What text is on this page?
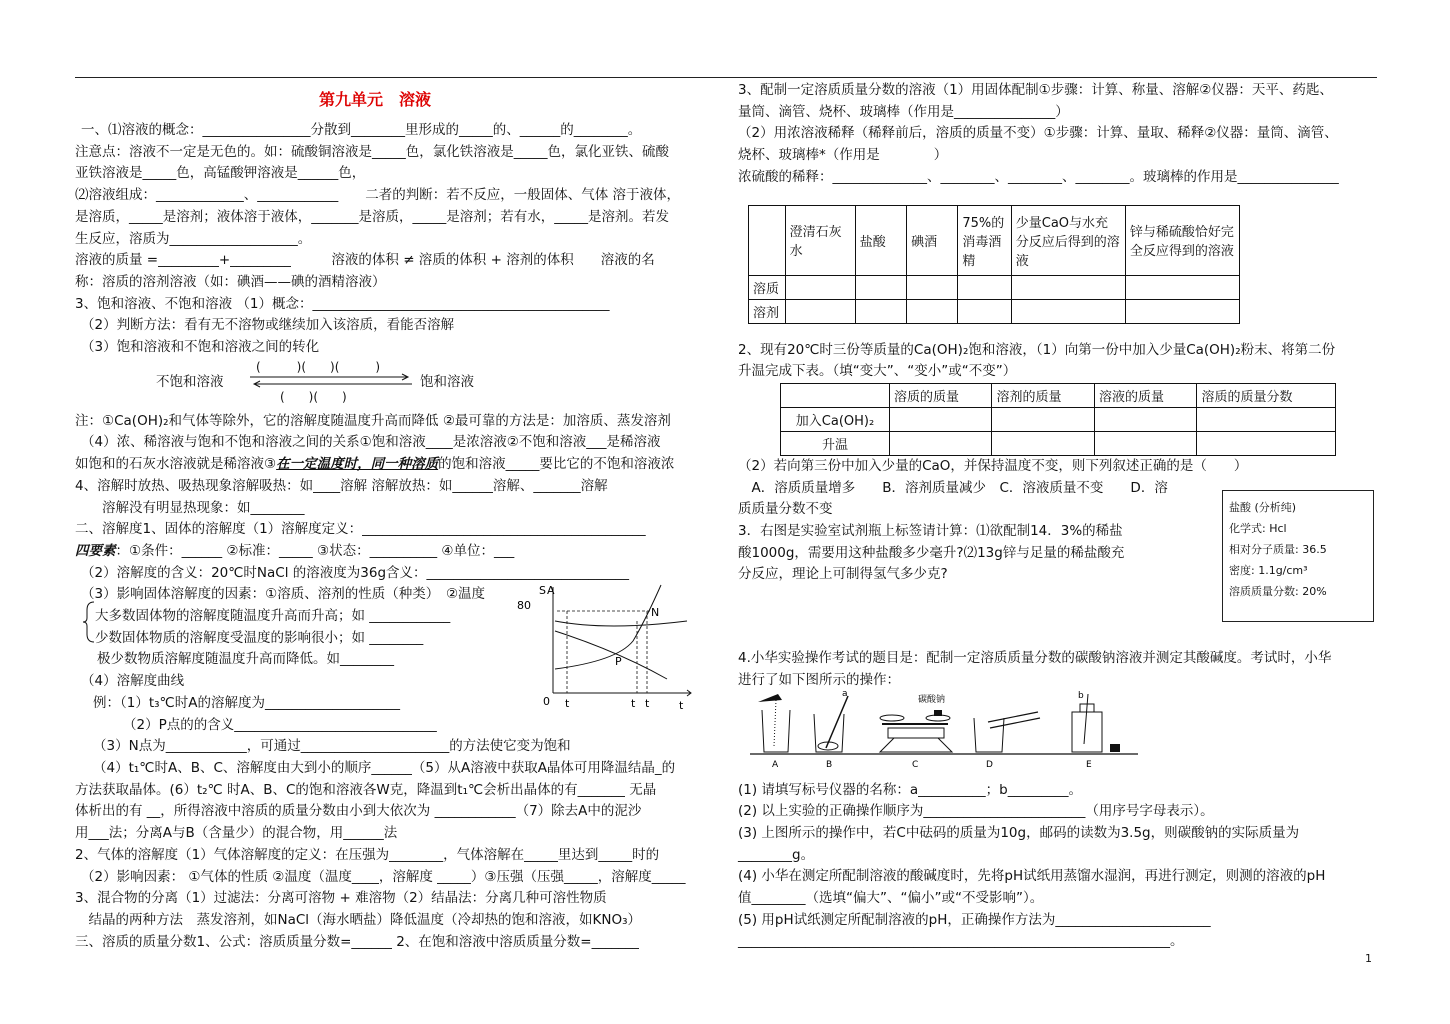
第九单元　溶液
一、⑴溶液的概念：________________分散到________里形成的_____的、______的________。
注意点：溶液不一定是无色的。如：硫酸铜溶液是_____色，氯化铁溶液是_____色，氯化亚铁、硫酸
亚铁溶液是_____色，高锰酸钾溶液是______色，
⑵溶液组成：_____________、____________　　二者的判断：若不反应，一般固体、气体 溶于液体，
是溶质，_____是溶剂；液体溶于液体，_______是溶质，_____是溶剂；若有水，_____是溶剂。若发
生反应，溶质为___________________。
溶液的质量 =_________+_________　　　溶液的体积 ≠ 溶质的体积 + 溶剂的体积　　溶液的名
称：溶质的溶剂溶液（如：碘酒——碘的酒精溶液）
3、饱和溶液、不饱和溶液 （1）概念：____________________________________________
（2）判断方法：看有无不溶物或继续加入该溶质，看能否溶解
（3）饱和溶液和不饱和溶液之间的转化
注：①Ca(OH)₂和气体等除外，它的溶解度随温度升高而降低 ②最可靠的方法是：加溶质、蒸发溶剂
（4）浓、稀溶液与饱和不饱和溶液之间的关系①饱和溶液____是浓溶液②不饱和溶液___是稀溶液
如饱和的石灰水溶液就是稀溶液③在一定温度时，同一种溶质的饱和溶液_____要比它的不饱和溶液浓
4、溶解时放热、吸热现象溶解吸热：如____溶解 溶解放热：如______溶解、_______溶解
　　溶解没有明显热现象：如________
二、溶解度1、固体的溶解度（1）溶解度定义：__________________________________________
四要素：①条件：______ ②标准：_____ ③状态：__________ ④单位：___
（2）溶解度的含义：20℃时NaCl 的溶液度为36g含义：______________________________
（3）影响固体溶解度的因素：①溶质、溶剂的性质（种类）　②温度
大多数固体物的溶解度随温度升高而升高；如 ____________
少数固体物质的溶解度受温度的影响很小；如 ________
极少数物质溶解度随温度升高而降低。如________
（4）溶解度曲线
例：（1）t₃℃时A的溶解度为____________________
（2）P点的的含义______________________________
（3）N点为____________，可通过______________________的方法使它变为饱和
（4）t₁℃时A、B、C、溶解度由大到小的顺序______（5）从A溶液中获取A晶体可用降温结晶_的
方法获取晶体。(6）t₂℃ 时A、B、C的饱和溶液各W克，降温到t₁℃会析出晶体的有_______ 无晶
体析出的有 __，所得溶液中溶质的质量分数由小到大依次为 ____________（7）除去A中的泥沙
用___法；分离A与B（含量少）的混合物，用______法
2、气体的溶解度（1）气体溶解度的定义：在压强为________，气体溶解在_____里达到_____时的
（2）影响因素： ①气体的性质 ②温度（温度____，溶解度 _____）③压强（压强_____，溶解度_____
3、混合物的分离（1）过滤法：分离可溶物 + 难溶物（2）结晶法：分离几种可溶性物质
　结晶的两种方法　蒸发溶剂，如NaCl（海水晒盐）降低温度（冷却热的饱和溶液，如KNO₃）
三、溶质的质量分数1、公式：溶质质量分数=______ 2、在饱和溶液中溶质质量分数=_______
(　　　)(　　)(　　　)
不饱和溶液	饱和溶液
(　　)(　　)
S A
80
N
P
0 t	t t	t
3、配制一定溶质质量分数的溶液（1）用固体配制①步骤：计算、称量、溶解②仪器：天平、药匙、
量筒、滴管、烧杯、玻璃棒（作用是_______________）
（2）用浓溶液稀释（稀释前后，溶质的质量不变）①步骤：计算、量取、稀释②仪器：量筒、滴管、
烧杯、玻璃棒*（作用是　　　　）
浓硫酸的稀释：______________、________、________、________。玻璃棒的作用是_______________
	澄清石灰水	盐酸	碘酒	75%的消毒酒精	少量CaO与水充分反应后得到的溶液	锌与稀硫酸恰好完全反应得到的溶液
溶质						
溶剂						
2、现有20℃时三份等质量的Ca(OH)₂饱和溶液，（1）向第一份中加入少量Ca(OH)₂粉末、将第二份
升温完成下表。（填“变大”、“变小”或“不变”）
	溶质的质量	溶剂的质量	溶液的质量	溶质的质量分数
加入Ca(OH)₂				
升温				
（2）若向第三份中加入少量的CaO，并保持温度不变，则下列叙述正确的是（　　）
　A．溶质质量增多　　B．溶剂质量减少　C．溶液质量不变　　D．溶
质质量分数不变
3．右图是实验室试剂瓶上标签请计算：⑴欲配制14．3%的稀盐
酸1000g，需要用这种盐酸多少毫升?⑵13g锌与足量的稀盐酸充
分反应，理论上可制得氢气多少克?
4.小华实验操作考试的题目是：配制一定溶质质量分数的碳酸钠溶液并测定其酸碱度。考试时，小华
进行了如下图所示的操作：
(1) 请填写标号仪器的名称：a__________；b_________。
(2) 以上实验的正确操作顺序为________________________（用序号字母表示）。
(3) 上图所示的操作中，若C中砝码的质量为10g，邮码的读数为3.5g，则碳酸钠的实际质量为
________g。
(4) 小华在测定所配制溶液的酸碱度时，先将pH试纸用蒸馏水湿润，再进行测定，则测的溶液的pH
值________（选填“偏大”、“偏小”或“不受影响”）。
(5) 用pH试纸测定所配制溶液的pH，正确操作方法为_______________________
________________________________________________________________。
盐酸 (分析纯)
化学式: Hcl
相对分子质量: 36.5
密度: 1.1g/cm³
溶质质量分数: 20%
A
a
B
碳酸钠
C	D
b
E
1
